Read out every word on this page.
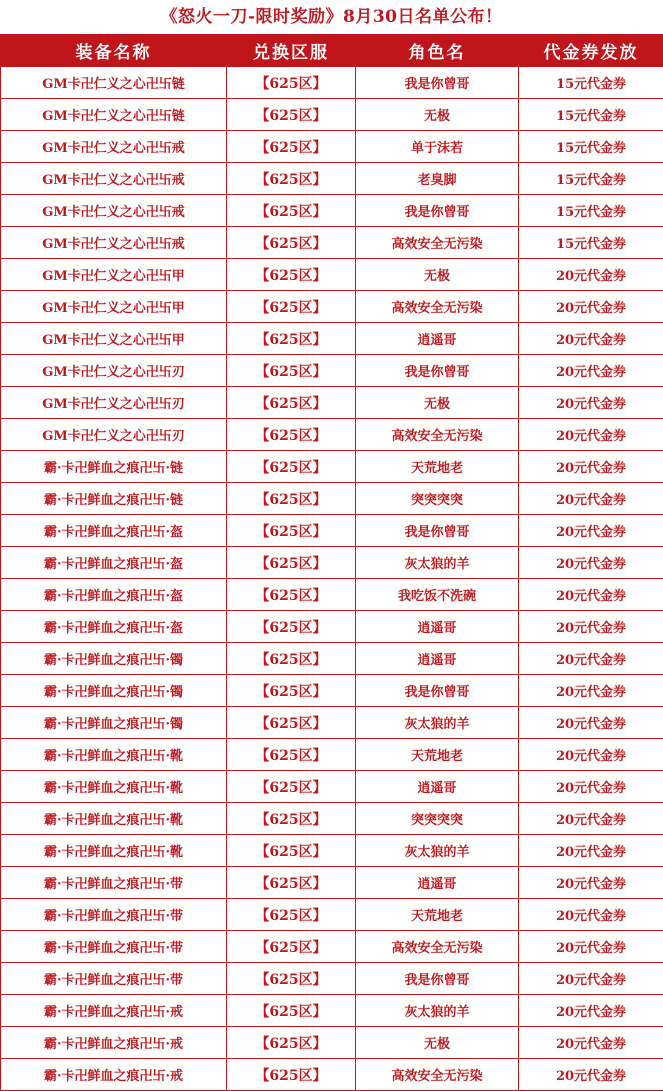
《怒火一刀-限时奖励》8月30日名单公布！
装备名称	兑换区服	角色名	代金券发放
GM卡卍仁义之心卍卐链	【625区】	我是你曾哥	15元代金券
GM卡卍仁义之心卍卐链	【625区】	无极	15元代金券
GM卡卍仁义之心卍卐戒	【625区】	单于沫若	15元代金券
GM卡卍仁义之心卍卐戒	【625区】	老臭脚	15元代金券
GM卡卍仁义之心卍卐戒	【625区】	我是你曾哥	15元代金券
GM卡卍仁义之心卍卐戒	【625区】	高效安全无污染	15元代金券
GM卡卍仁义之心卍卐甲	【625区】	无极	20元代金券
GM卡卍仁义之心卍卐甲	【625区】	高效安全无污染	20元代金券
GM卡卍仁义之心卍卐甲	【625区】	逍遥哥	20元代金券
GM卡卍仁义之心卍卐刃	【625区】	我是你曾哥	20元代金券
GM卡卍仁义之心卍卐刃	【625区】	无极	20元代金券
GM卡卍仁义之心卍卐刃	【625区】	高效安全无污染	20元代金券
霸·卡卍鲜血之痕卍卐·链	【625区】	天荒地老	20元代金券
霸·卡卍鲜血之痕卍卐·链	【625区】	突突突突	20元代金券
霸·卡卍鲜血之痕卍卐·盔	【625区】	我是你曾哥	20元代金券
霸·卡卍鲜血之痕卍卐·盔	【625区】	灰太狼的羊	20元代金券
霸·卡卍鲜血之痕卍卐·盔	【625区】	我吃饭不洗碗	20元代金券
霸·卡卍鲜血之痕卍卐·盔	【625区】	逍遥哥	20元代金券
霸·卡卍鲜血之痕卍卐·镯	【625区】	逍遥哥	20元代金券
霸·卡卍鲜血之痕卍卐·镯	【625区】	我是你曾哥	20元代金券
霸·卡卍鲜血之痕卍卐·镯	【625区】	灰太狼的羊	20元代金券
霸·卡卍鲜血之痕卍卐·靴	【625区】	天荒地老	20元代金券
霸·卡卍鲜血之痕卍卐·靴	【625区】	逍遥哥	20元代金券
霸·卡卍鲜血之痕卍卐·靴	【625区】	突突突突	20元代金券
霸·卡卍鲜血之痕卍卐·靴	【625区】	灰太狼的羊	20元代金券
霸·卡卍鲜血之痕卍卐·带	【625区】	逍遥哥	20元代金券
霸·卡卍鲜血之痕卍卐·带	【625区】	天荒地老	20元代金券
霸·卡卍鲜血之痕卍卐·带	【625区】	高效安全无污染	20元代金券
霸·卡卍鲜血之痕卍卐·带	【625区】	我是你曾哥	20元代金券
霸·卡卍鲜血之痕卍卐·戒	【625区】	灰太狼的羊	20元代金券
霸·卡卍鲜血之痕卍卐·戒	【625区】	无极	20元代金券
霸·卡卍鲜血之痕卍卐·戒	【625区】	高效安全无污染	20元代金券
